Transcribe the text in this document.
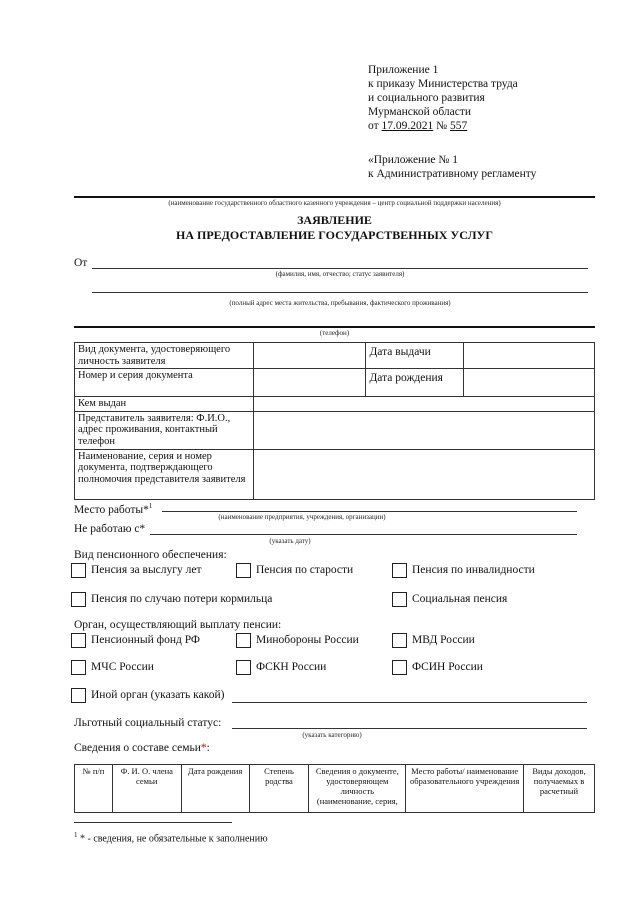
Приложение 1
к приказу Министерства труда
и социального развития
Мурманской области
от 17.09.2021 № 557
«Приложение № 1
к Административному регламенту
(наименование государственного областного казенного учреждения – центр социальной поддержки населения)
ЗАЯВЛЕНИЕ
НА ПРЕДОСТАВЛЕНИЕ ГОСУДАРСТВЕННЫХ УСЛУГ
От
(фамилия, имя, отчество; статус заявителя)
(полный адрес места жительства, пребывания, фактического проживания)
(телефон)
Вид документа, удостоверяющего личность заявителя		Дата выдачи	
Номер и серия документа		Дата рождения	
Кем выдан			
Представитель заявителя: Ф.И.О., адрес проживания, контактный телефон			
Наименование, серия и номер документа, подтверждающего полномочия представителя заявителя			
Место работы*$^1$
(наименование предприятия, учреждения, организации)
Не работаю с*
(указать дату)
Вид пенсионного обеспечения:
Пенсия за выслугу лет	Пенсия по старости	Пенсия по инвалидности
Пенсия по случаю потери кормильца	Социальная пенсия
Орган, осуществляющий выплату пенсии:
Пенсионный фонд РФ	Минобороны России	МВД России
МЧС России	ФСКН России	ФСИН России
Иной орган (указать какой)
Льготный социальный статус:
(указать категорию)
Сведения о составе семьи*:
№ п/п	Ф. И. О. члена семьи	Дата рождения	Степень родства	Сведения о документе, удостоверяющем личность (наименование, серия,	Место работы/ наименование образовательного учреждения	Виды доходов, получаемых в расчетный
$^1$ * - сведения, не обязательные к заполнению
